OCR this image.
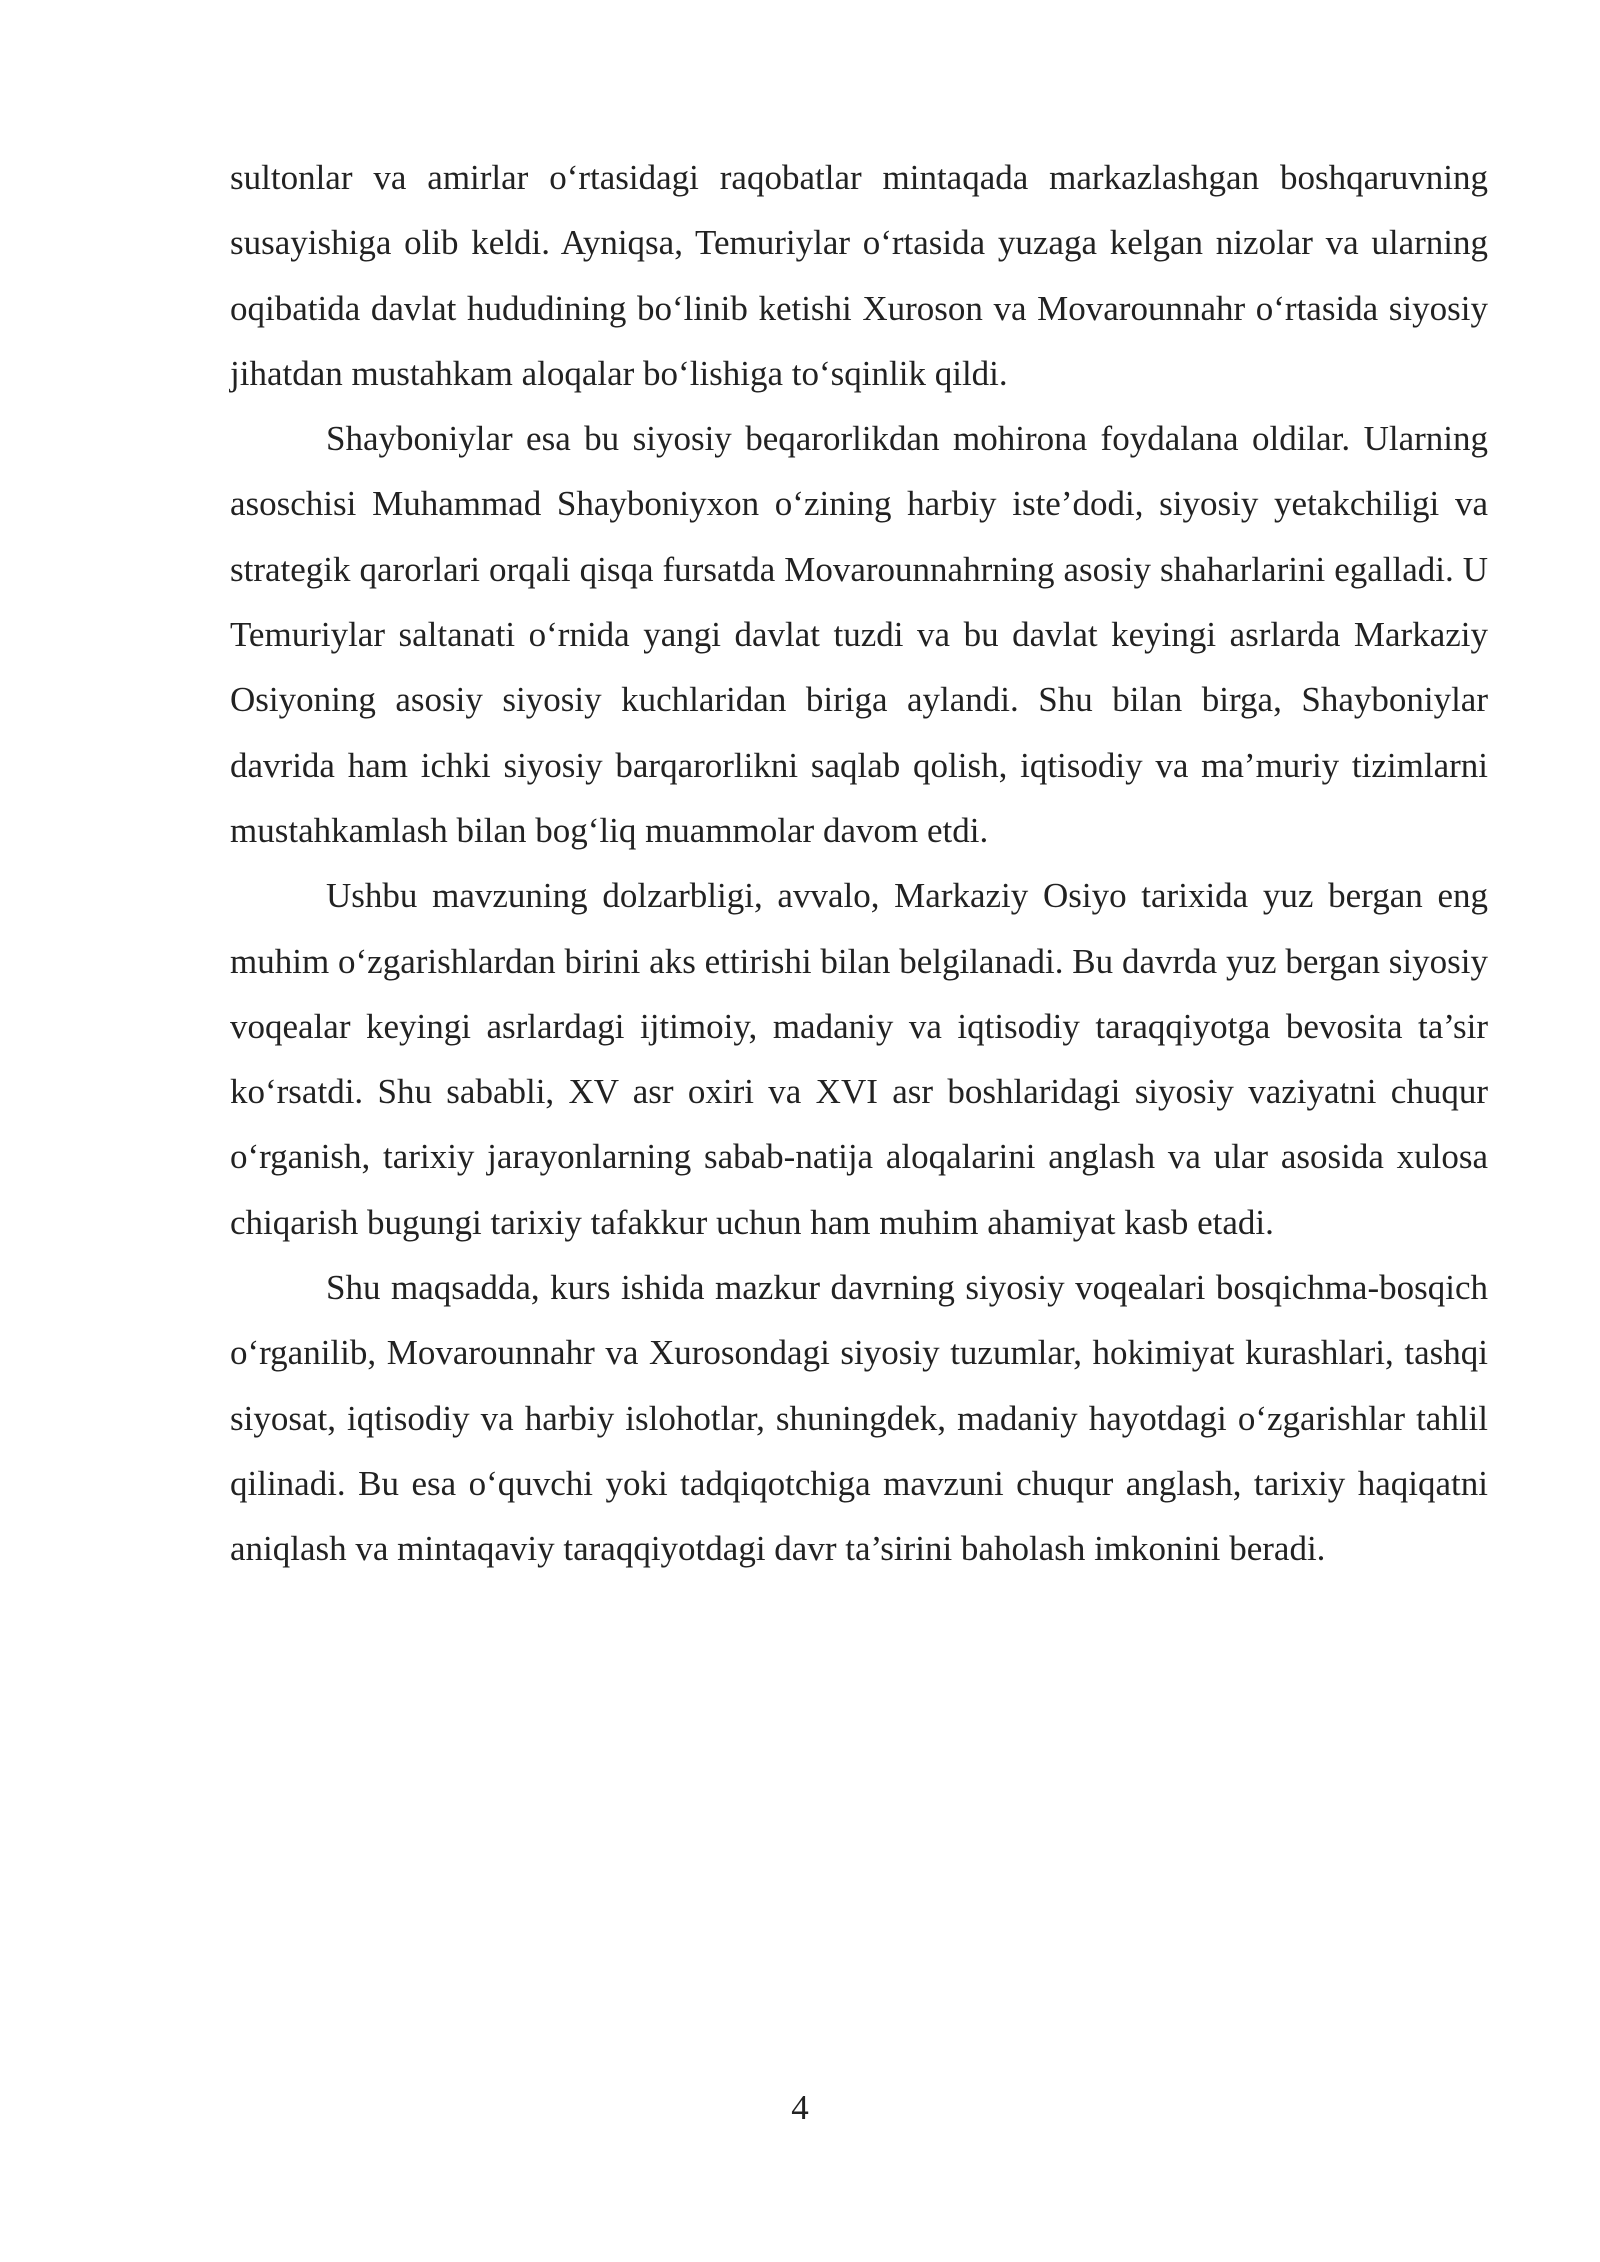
sultonlar va amirlar o‘rtasidagi raqobatlar mintaqada markazlashgan boshqaruvning susayishiga olib keldi. Ayniqsa, Temuriylar o‘rtasida yuzaga kelgan nizolar va ularning oqibatida davlat hududining bo‘linib ketishi Xuroson va Movarounnahr o‘rtasida siyosiy jihatdan mustahkam aloqalar bo‘lishiga to‘sqinlik qildi.

Shayboniylar esa bu siyosiy beqarorlikdan mohirona foydalana oldilar. Ularning asoschisi Muhammad Shayboniyxon o‘zining harbiy iste’dodi, siyosiy yetakchiligi va strategik qarorlari orqali qisqa fursatda Movarounnahrning asosiy shaharlarini egalladi. U Temuriylar saltanati o‘rnida yangi davlat tuzdi va bu davlat keyingi asrlarda Markaziy Osiyoning asosiy siyosiy kuchlaridan biriga aylandi. Shu bilan birga, Shayboniylar davrida ham ichki siyosiy barqarorlikni saqlab qolish, iqtisodiy va ma’muriy tizimlarni mustahkamlash bilan bog‘liq muammolar davom etdi.

Ushbu mavzuning dolzarbligi, avvalo, Markaziy Osiyo tarixida yuz bergan eng muhim o‘zgarishlardan birini aks ettirishi bilan belgilanadi. Bu davrda yuz bergan siyosiy voqealar keyingi asrlardagi ijtimoiy, madaniy va iqtisodiy taraqqiyotga bevosita ta’sir ko‘rsatdi. Shu sababli, XV asr oxiri va XVI asr boshlaridagi siyosiy vaziyatni chuqur o‘rganish, tarixiy jarayonlarning sabab-natija aloqalarini anglash va ular asosida xulosa chiqarish bugungi tarixiy tafakkur uchun ham muhim ahamiyat kasb etadi.

Shu maqsadda, kurs ishida mazkur davrning siyosiy voqealari bosqichma-bosqich o‘rganilib, Movarounnahr va Xurosondagi siyosiy tuzumlar, hokimiyat kurashlari, tashqi siyosat, iqtisodiy va harbiy islohotlar, shuningdek, madaniy hayotdagi o‘zgarishlar tahlil qilinadi. Bu esa o‘quvchi yoki tadqiqotchiga mavzuni chuqur anglash, tarixiy haqiqatni aniqlash va mintaqaviy taraqqiyotdagi davr ta’sirini baholash imkonini beradi.

4
